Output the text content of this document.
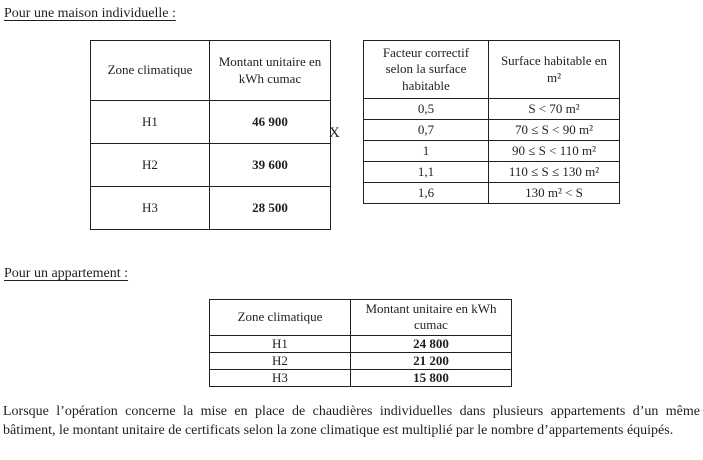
Pour une maison individuelle :
Zone climatique	Montant unitaire en kWh cumac
H1	46 900
H2	39 600
H3	28 500
X
Facteur correctif selon la surface habitable	Surface habitable en m²
0,5	S < 70 m²
0,7	70 ≤ S < 90 m²
1	90 ≤ S < 110 m²
1,1	110 ≤ S ≤ 130 m²
1,6	130 m² < S
Pour un appartement :
Zone climatique	Montant unitaire en kWh cumac
H1	24 800
H2	21 200
H3	15 800
Lorsque l’opération concerne la mise en place de chaudières individuelles dans plusieurs appartements d’un même bâtiment, le montant unitaire de certificats selon la zone climatique est multiplié par le nombre d’appartements équipés.
